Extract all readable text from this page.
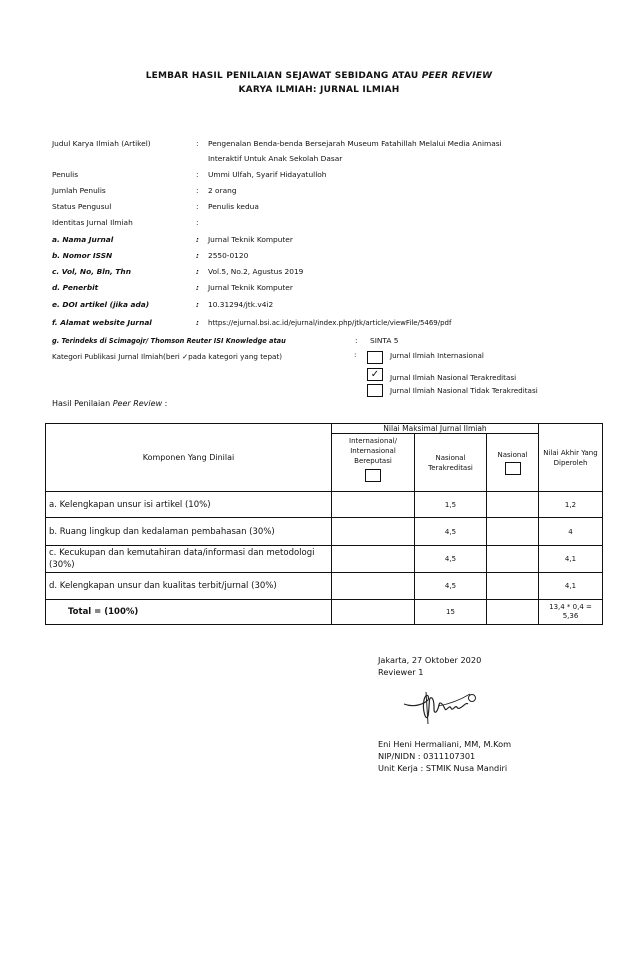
LEMBAR HASIL PENILAIAN SEJAWAT SEBIDANG ATAU PEER REVIEW
KARYA ILMIAH: JURNAL ILMIAH
Judul Karya Ilmiah (Artikel)	: Pengenalan Benda-benda Bersejarah Museum Fatahillah Melalui Media Animasi
Interaktif Untuk Anak Sekolah Dasar
Penulis	: Ummi Ulfah, Syarif Hidayatulloh
Jumlah Penulis	: 2 orang
Status Pengusul	: Penulis kedua
Identitas Jurnal Ilmiah	:
a. Nama Jurnal	: Jurnal Teknik Komputer
b. Nomor ISSN	: 2550-0120
c. Vol, No, Bln, Thn	: Vol.5, No.2, Agustus 2019
d. Penerbit	: Jurnal Teknik Komputer
e. DOI artikel (jika ada)	: 10.31294/jtk.v4i2
f. Alamat website Jurnal	: https://ejurnal.bsi.ac.id/ejurnal/index.php/jtk/article/viewFile/5469/pdf
g. Terindeks di Scimagojr/ Thomson Reuter ISI Knowledge atau	: SINTA 5
Kategori Publikasi Jurnal Ilmiah(beri ✓pada kategori yang tepat)	:	Jurnal Ilmiah Internasional
✓	Jurnal Ilmiah Nasional Terakreditasi
Jurnal Ilmiah Nasional Tidak Terakreditasi
Hasil Penilaian Peer Review :
Komponen Yang Dinilai	Nilai Maksimal Jurnal Ilmiah			Nilai Akhir Yang Diperoleh

	Internasional/ Internasional Bereputasi	Nasional Terakreditasi	Nasional	

a. Kelengkapan unsur isi artikel (10%)		1,5		1,2
b. Ruang lingkup dan kedalaman pembahasan (30%)		4,5		4
c. Kecukupan dan kemutahiran data/informasi dan metodologi (30%)		4,5		4,1
d. Kelengkapan unsur dan kualitas terbit/jurnal (30%)		4,5		4,1
Total = (100%)		15		13,4 * 0,4 = 5,36
Jakarta, 27 Oktober 2020
Reviewer 1
Eni Heni Hermaliani, MM, M.Kom
NIP/NIDN : 0311107301
Unit Kerja : STMIK Nusa Mandiri
